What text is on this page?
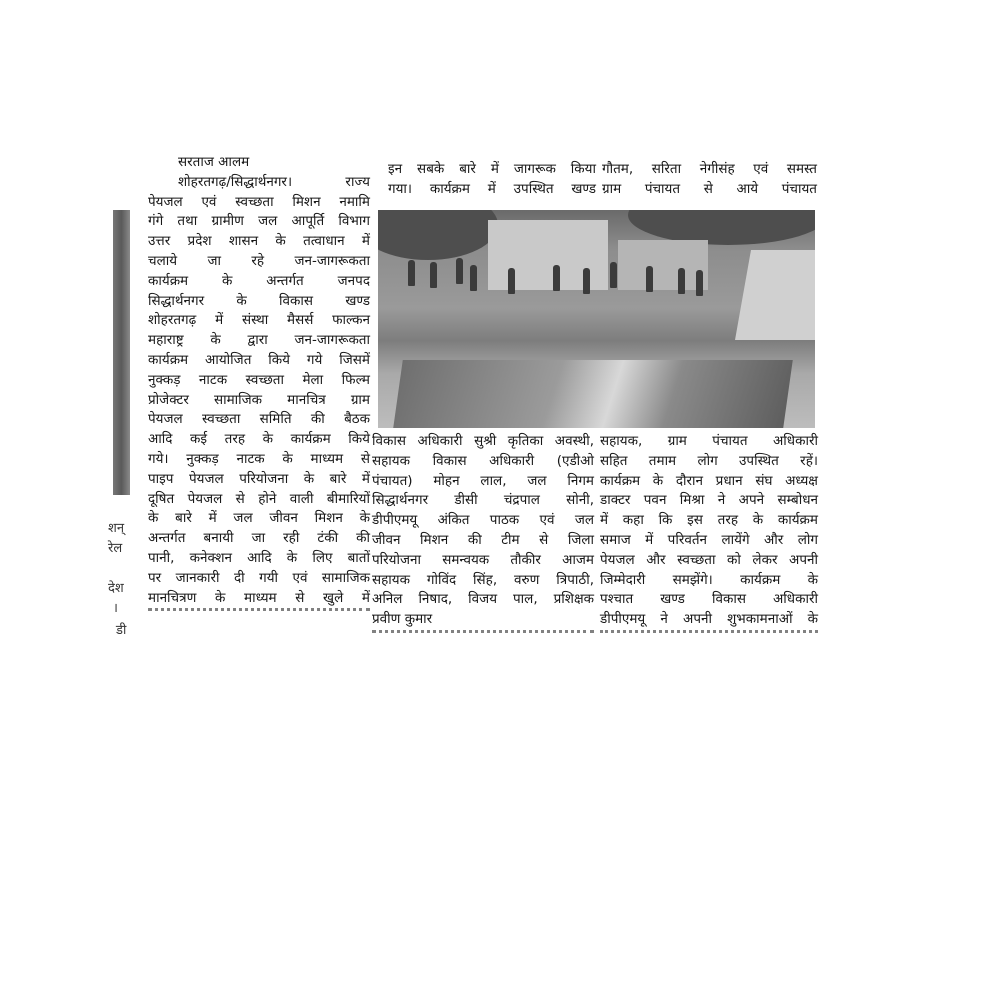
शन्
रेल
देश
।
डी
सरताज आलम
शोहरतगढ़/सिद्धार्थनगर। राज्य
पेयजल एवं स्वच्छता मिशन नमामि
गंगे तथा ग्रामीण जल आपूर्ति विभाग
उत्तर प्रदेश शासन के तत्वाधान में
चलाये जा रहे जन-जागरूकता
कार्यक्रम के अन्तर्गत जनपद
सिद्धार्थनगर के विकास खण्ड
शोहरतगढ़ में संस्था मैसर्स फाल्कन
महाराष्ट्र के द्वारा जन-जागरूकता
कार्यक्रम आयोजित किये गये जिसमें
नुक्कड़ नाटक स्वच्छता मेला फिल्म
प्रोजेक्टर सामाजिक मानचित्र ग्राम
पेयजल स्वच्छता समिति की बैठक
आदि कई तरह के कार्यक्रम किये
गये। नुक्कड़ नाटक के माध्यम से
पाइप पेयजल परियोजना के बारे में
दूषित पेयजल से होने वाली बीमारियों
के बारे में जल जीवन मिशन के
अन्तर्गत बनायी जा रही टंकी की
पानी, कनेक्शन आदि के लिए बातों
पर जानकारी दी गयी एवं सामाजिक
मानचित्रण के माध्यम से खुले में

इन सबके बारे में जागरूक किया
गया। कार्यक्रम में उपस्थित खण्ड
गौतम, सरिता नेगीसंह एवं समस्त
ग्राम पंचायत से आये पंचायत
विकास अधिकारी सुश्री कृतिका अवस्थी,
सहायक विकास अधिकारी (एडीओ
पंचायत) मोहन लाल, जल निगम
सिद्धार्थनगर डीसी चंद्रपाल सोनी,
डीपीएमयू अंकित पाठक एवं जल
जीवन मिशन की टीम से जिला
परियोजना समन्वयक तौकीर आजम
सहायक गोविंद सिंह, वरुण त्रिपाठी,
अनिल निषाद, विजय पाल, प्रशिक्षक
प्रवीण कुमार

सहायक, ग्राम पंचायत अधिकारी
सहित तमाम लोग उपस्थित रहें।
कार्यक्रम के दौरान प्रधान संघ अध्यक्ष
डाक्टर पवन मिश्रा ने अपने सम्बोधन
में कहा कि इस तरह के कार्यक्रम
समाज में परिवर्तन लायेंगे और लोग
पेयजल और स्वच्छता को लेकर अपनी
जिम्मेदारी समझेंगे। कार्यक्रम के
पश्चात खण्ड विकास अधिकारी
डीपीएमयू ने अपनी शुभकामनाओं के
